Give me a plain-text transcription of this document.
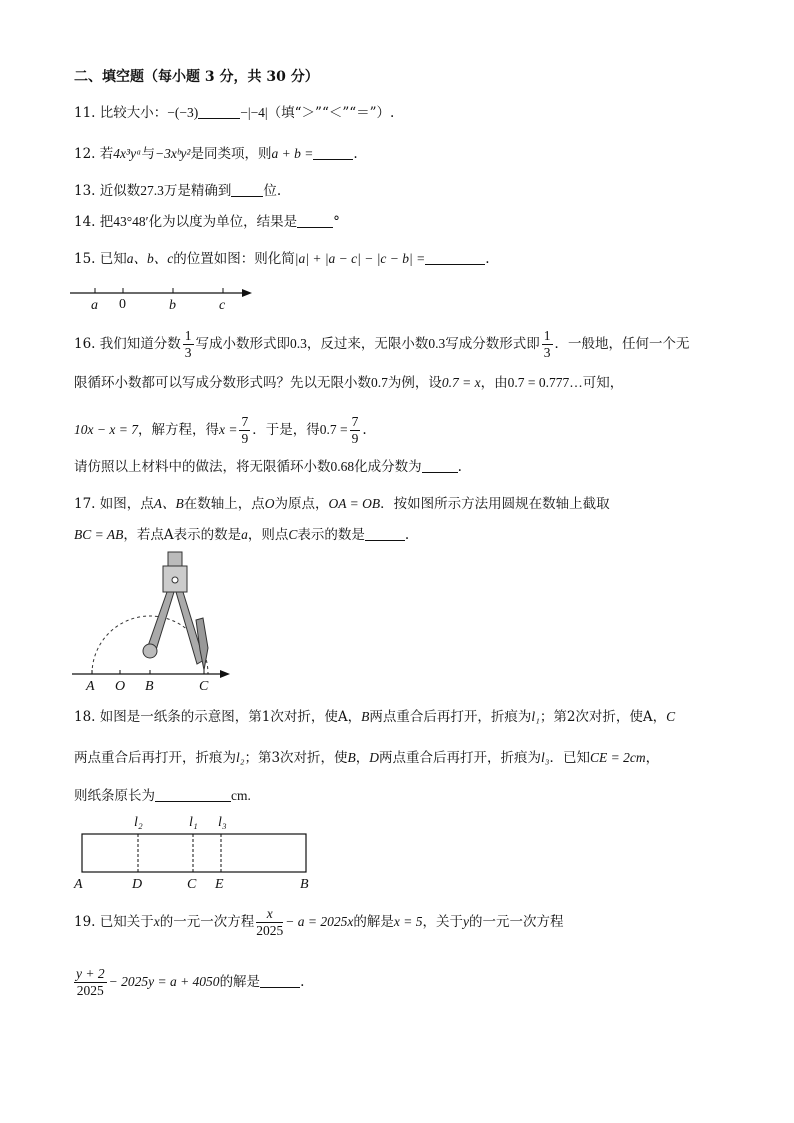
二、填空题（每小题 3 分，共 30 分）
11. 比较大小：−(−3)	−|−4|（填“＞”“＜”“＝”）.
12. 若4x³yᵃ与−3xᵇy²是同类项，则a + b =	.
13. 近似数27.3万是精确到 位.
14. 把43°48′化为以度为单位，结果是	°
15. 已知a、b、c的位置如图：则化简|a| + |a − c| − |c − b| =	.
a 0	b	c
16. 我们知道分数 $\frac{1}{3}$ 写成小数形式即0.3，反过来，无限小数0.3写成分数形式即 $\frac{1}{3}$ ．一般地，任何一个无
限循环小数都可以写成分数形式吗？先以无限小数0.7为例，设0.7 = x，由0.7 = 0.777…可知，
10x − x = 7，解方程，得$x = \frac{7}{9}$ ．于是，得$0.7 = \frac{7}{9}$ .
请仿照以上材料中的做法，将无限循环小数0.68化成分数为	.
17. 如图，点A、B在数轴上，点O为原点，OA = OB．按如图所示方法用圆规在数轴上截取
BC = AB，若点A表示的数是a，则点C表示的数是	.
A O B	C
18. 如图是一纸条的示意图，第1次对折，使A，B两点重合后再打开，折痕为l₁；第2次对折，使A，C
两点重合后再打开，折痕为l₂；第3次对折，使B，D两点重合后再打开，折痕为l₃．已知CE = 2cm，
则纸条原长为	cm.
l₂	l₁ l₃
A	D	C E	B
19. 已知关于x的一元一次方程 $\frac{x}{2025} - a = 2025x$的解是x = 5，关于y的一元一次方程
$\frac{y + 2}{2025} - 2025y = a + 4050$的解是	.
